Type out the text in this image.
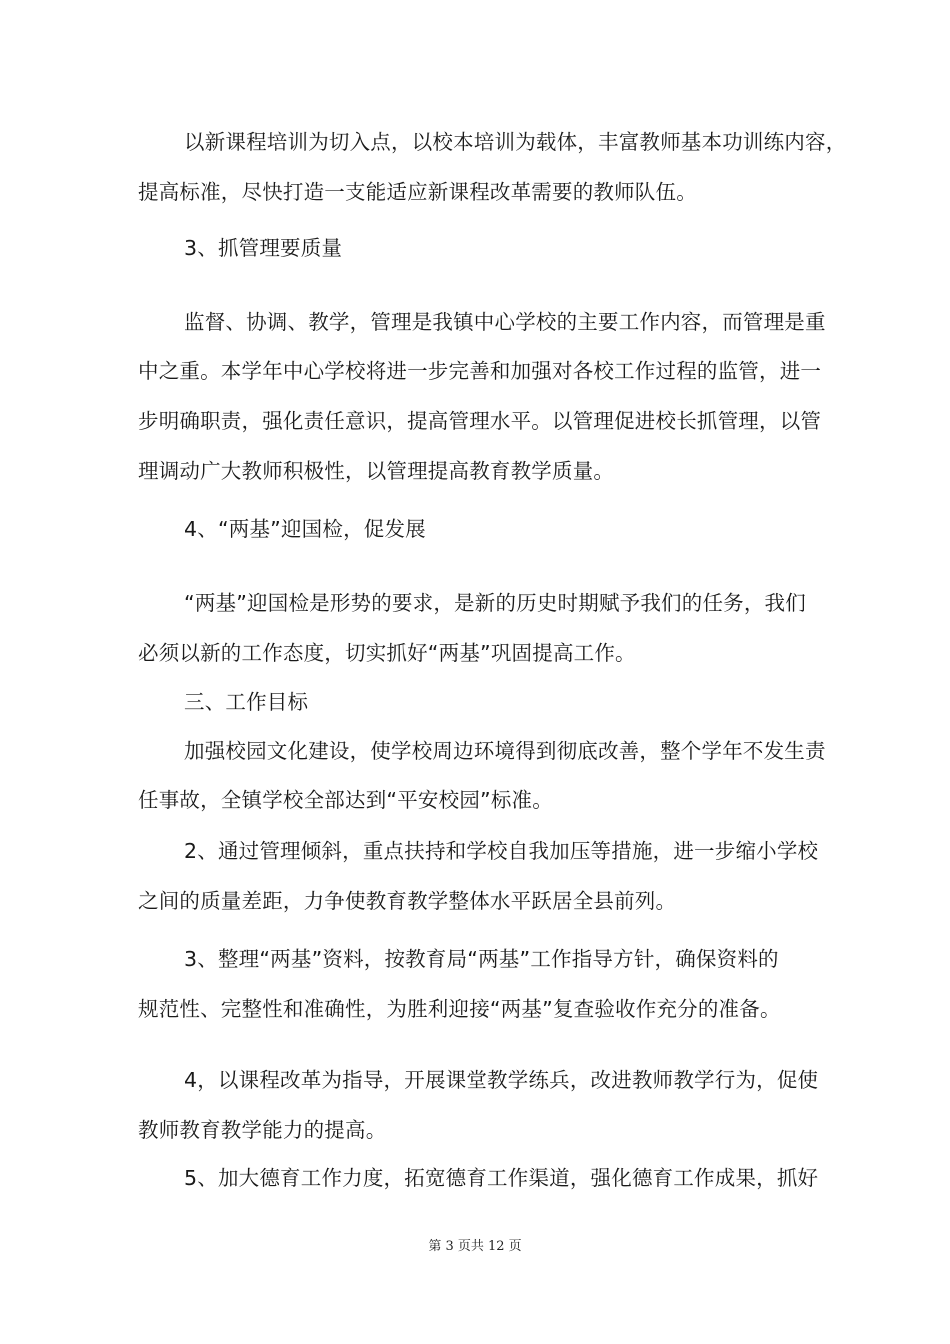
以新课程培训为切入点，以校本培训为载体，丰富教师基本功训练内容，
提高标准，尽快打造一支能适应新课程改革需要的教师队伍。
3、抓管理要质量
监督、协调、教学，管理是我镇中心学校的主要工作内容，而管理是重
中之重。本学年中心学校将进一步完善和加强对各校工作过程的监管，进一
步明确职责，强化责任意识，提高管理水平。以管理促进校长抓管理，以管
理调动广大教师积极性，以管理提高教育教学质量。
4、“两基”迎国检，促发展
“两基”迎国检是形势的要求，是新的历史时期赋予我们的任务，我们
必须以新的工作态度，切实抓好“两基”巩固提高工作。
三、工作目标
加强校园文化建设，使学校周边环境得到彻底改善，整个学年不发生责
任事故，全镇学校全部达到“平安校园”标准。
2、通过管理倾斜，重点扶持和学校自我加压等措施，进一步缩小学校
之间的质量差距，力争使教育教学整体水平跃居全县前列。
3、整理“两基”资料，按教育局“两基”工作指导方针，确保资料的
规范性、完整性和准确性，为胜利迎接“两基”复查验收作充分的准备。
4，以课程改革为指导，开展课堂教学练兵，改进教师教学行为，促使
教师教育教学能力的提高。
5、加大德育工作力度，拓宽德育工作渠道，强化德育工作成果，抓好
第 3 页共 12 页
